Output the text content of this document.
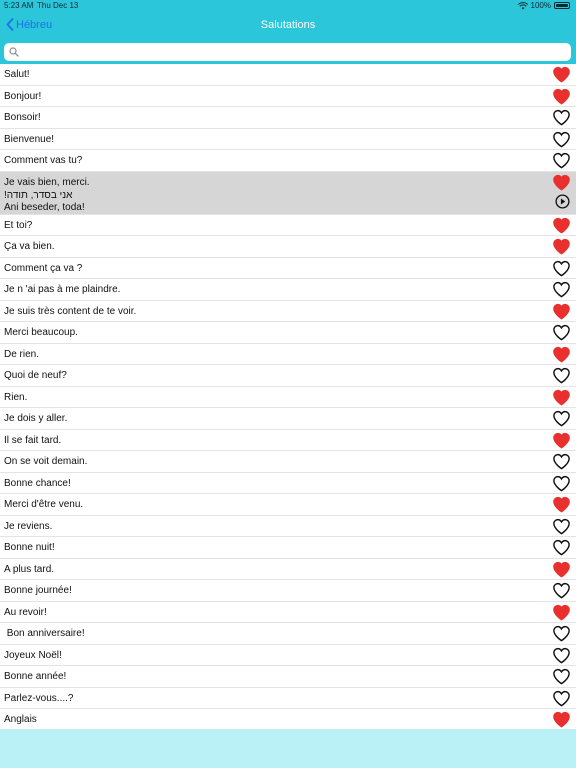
5:23 AM Thu Dec 13	100%
Hébreu	Salutations
Salut!
Bonjour!
Bonsoir!
Bienvenue!
Comment vas tu?
Je vais bien, merci.
אני בסדר, תודה!
Ani beseder, toda!
Et toi?
Ça va bien.
Comment ça va ?
Je n 'ai pas à me plaindre.
Je suis très content de te voir.
Merci beaucoup.
De rien.
Quoi de neuf?
Rien.
Je dois y aller.
Il se fait tard.
On se voit demain.
Bonne chance!
Merci d'être venu.
Je reviens.
Bonne nuit!
A plus tard.
Bonne journée!
Au revoir!
Bon anniversaire!
Joyeux Noël!
Bonne année!
Parlez-vous....?
Anglais
